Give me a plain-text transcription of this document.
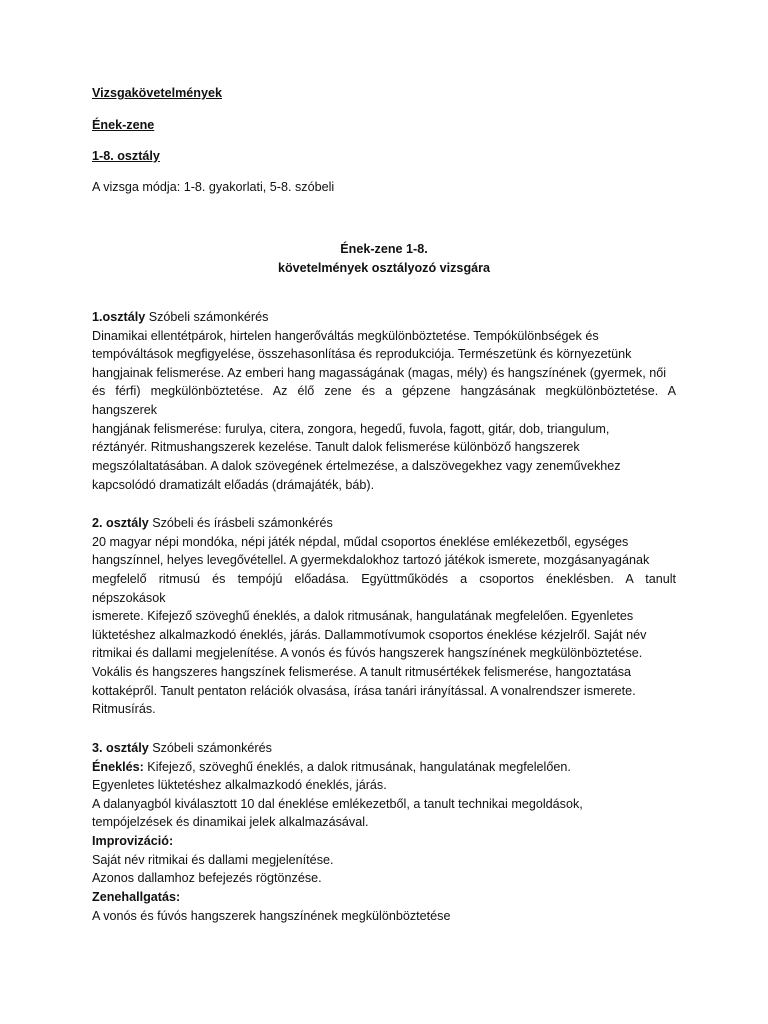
Vizsgakövetelmények
Ének-zene
1-8. osztály
A vizsga módja: 1-8. gyakorlati, 5-8. szóbeli
Ének-zene 1-8.
követelmények osztályozó vizsgára
1.osztály Szóbeli számonkérés
Dinamikai ellentétpárok, hirtelen hangerőváltás megkülönböztetése. Tempókülönbségek és
tempóváltások megfigyelése, összehasonlítása és reprodukciója. Természetünk és környezetünk
hangjainak felismerése. Az emberi hang magasságának (magas, mély) és hangszínének (gyermek, női
és férfi) megkülönböztetése. Az élő zene és a gépzene hangzásának megkülönböztetése. A
hangszerek
hangjának felismerése: furulya, citera, zongora, hegedű, fuvola, fagott, gitár, dob, triangulum,
réztányér. Ritmushangszerek kezelése. Tanult dalok felismerése különböző hangszerek
megszólaltatásában. A dalok szövegének értelmezése, a dalszövegekhez vagy zeneművekhez
kapcsolódó dramatizált előadás (drámajáték, báb).
2. osztály Szóbeli és írásbeli számonkérés
20 magyar népi mondóka, népi játék népdal, műdal csoportos éneklése emlékezetből, egységes
hangszínnel, helyes levegővétellel. A gyermekdalokhoz tartozó játékok ismerete, mozgásanyagának
megfelelő ritmusú és tempójú előadása. Együttműködés a csoportos éneklésben. A tanult
népszokások
ismerete. Kifejező szöveghű éneklés, a dalok ritmusának, hangulatának megfelelően. Egyenletes
lüktetéshez alkalmazkodó éneklés, járás. Dallammotívumok csoportos éneklése kézjelről. Saját név
ritmikai és dallami megjelenítése. A vonós és fúvós hangszerek hangszínének megkülönböztetése.
Vokális és hangszeres hangszínek felismerése. A tanult ritmusértékek felismerése, hangoztatása
kottaképről. Tanult pentaton relációk olvasása, írása tanári irányítással. A vonalrendszer ismerete.
Ritmusírás.
3. osztály Szóbeli számonkérés
Éneklés: Kifejező, szöveghű éneklés, a dalok ritmusának, hangulatának megfelelően.
Egyenletes lüktetéshez alkalmazkodó éneklés, járás.
A dalanyagból kiválasztott 10 dal éneklése emlékezetből, a tanult technikai megoldások,
tempójelzések és dinamikai jelek alkalmazásával.
Improvizáció:
Saját név ritmikai és dallami megjelenítése.
Azonos dallamhoz befejezés rögtönzése.
Zenehallgatás:
A vonós és fúvós hangszerek hangszínének megkülönböztetése
